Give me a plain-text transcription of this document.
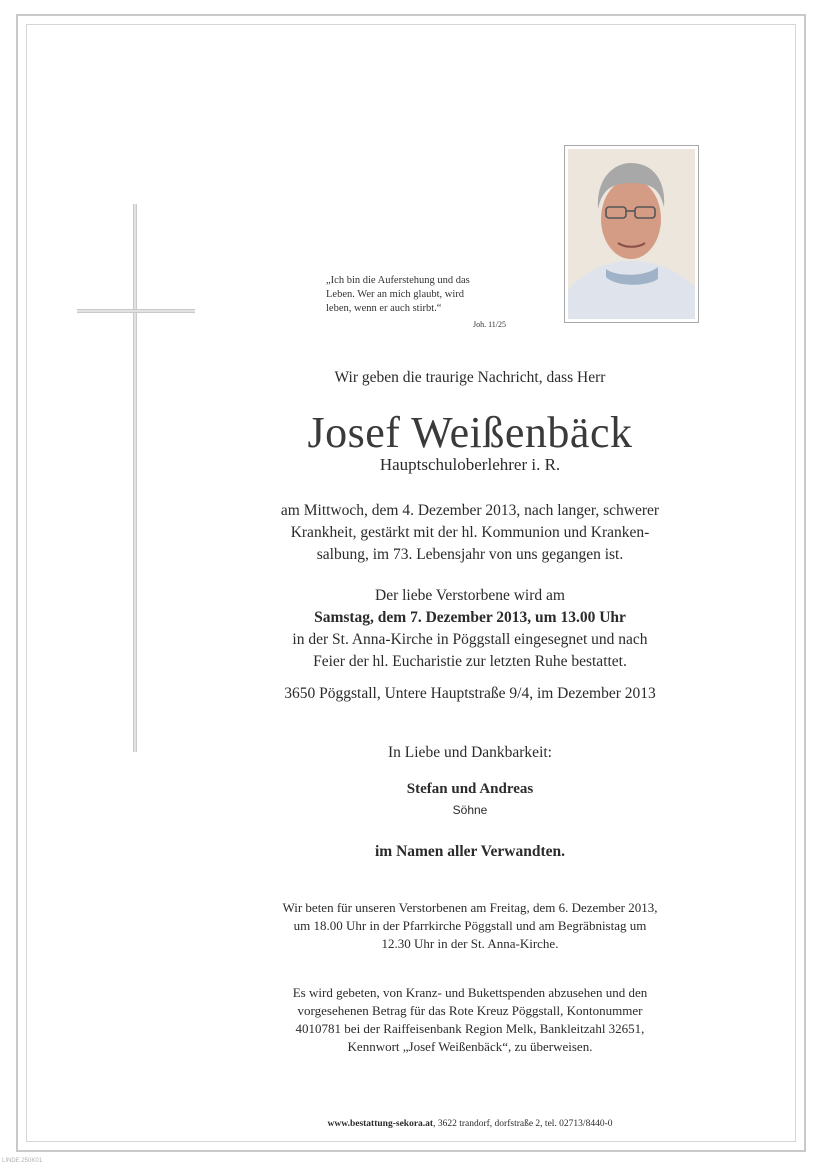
„Ich bin die Auferstehung und das
Leben. Wer an mich glaubt, wird
leben, wenn er auch stirbt.“
Joh. 11/25
Wir geben die traurige Nachricht, dass Herr
Josef Weißenbäck
Hauptschuloberlehrer i. R.
am Mittwoch, dem 4. Dezember 2013, nach langer, schwerer
Krankheit, gestärkt mit der hl. Kommunion und Kranken-
salbung, im 73. Lebensjahr von uns gegangen ist.
Der liebe Verstorbene wird am
Samstag, dem 7. Dezember 2013, um 13.00 Uhr
in der St. Anna-Kirche in Pöggstall eingesegnet und nach
Feier der hl. Eucharistie zur letzten Ruhe bestattet.
3650 Pöggstall, Untere Hauptstraße 9/4, im Dezember 2013
In Liebe und Dankbarkeit:
Stefan und Andreas
Söhne
im Namen aller Verwandten.
Wir beten für unseren Verstorbenen am Freitag, dem 6. Dezember 2013,
um 18.00 Uhr in der Pfarrkirche Pöggstall und am Begräbnistag um
12.30 Uhr in der St. Anna-Kirche.
Es wird gebeten, von Kranz- und Bukettspenden abzusehen und den
vorgesehenen Betrag für das Rote Kreuz Pöggstall, Kontonummer
4010781 bei der Raiffeisenbank Region Melk, Bankleitzahl 32651,
Kennwort „Josef Weißenbäck“, zu überweisen.
www.bestattung-sekora.at, 3622 trandorf, dorfstraße 2, tel. 02713/8440-0
LINDE 250K01
